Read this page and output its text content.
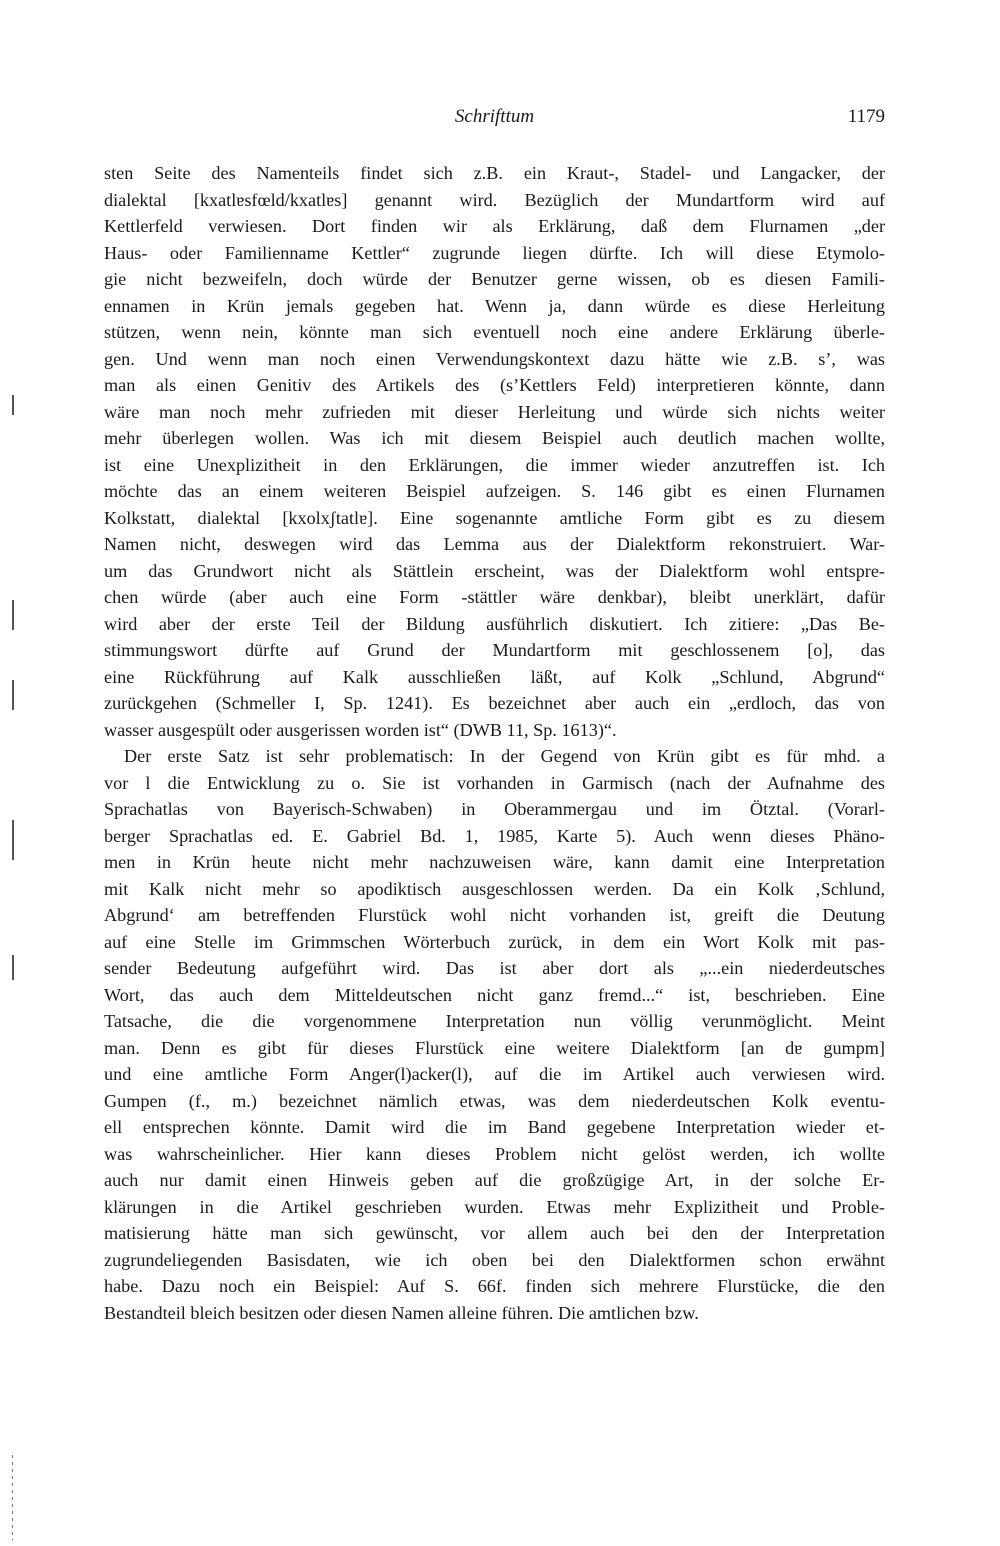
Schrifttum	1179
sten Seite des Namenteils findet sich z.B. ein Kraut-, Stadel- und Langacker, der
dialektal [kxatlɐsfœld/kxatlɐs] genannt wird. Bezüglich der Mundartform wird auf
Kettlerfeld verwiesen. Dort finden wir als Erklärung, daß dem Flurnamen „der
Haus- oder Familienname Kettler“ zugrunde liegen dürfte. Ich will diese Etymolo-
gie nicht bezweifeln, doch würde der Benutzer gerne wissen, ob es diesen Famili-
ennamen in Krün jemals gegeben hat. Wenn ja, dann würde es diese Herleitung
stützen, wenn nein, könnte man sich eventuell noch eine andere Erklärung überle-
gen. Und wenn man noch einen Verwendungskontext dazu hätte wie z.B. s’, was
man als einen Genitiv des Artikels des (s’Kettlers Feld) interpretieren könnte, dann
wäre man noch mehr zufrieden mit dieser Herleitung und würde sich nichts weiter
mehr überlegen wollen. Was ich mit diesem Beispiel auch deutlich machen wollte,
ist eine Unexplizitheit in den Erklärungen, die immer wieder anzutreffen ist. Ich
möchte das an einem weiteren Beispiel aufzeigen. S. 146 gibt es einen Flurnamen
Kolkstatt, dialektal [kxolxʃtatlɐ]. Eine sogenannte amtliche Form gibt es zu diesem
Namen nicht, deswegen wird das Lemma aus der Dialektform rekonstruiert. War-
um das Grundwort nicht als Stättlein erscheint, was der Dialektform wohl entspre-
chen würde (aber auch eine Form -stättler wäre denkbar), bleibt unerklärt, dafür
wird aber der erste Teil der Bildung ausführlich diskutiert. Ich zitiere: „Das Be-
stimmungswort dürfte auf Grund der Mundartform mit geschlossenem [o], das
eine Rückführung auf Kalk ausschließen läßt, auf Kolk „Schlund, Abgrund“
zurückgehen (Schmeller I, Sp. 1241). Es bezeichnet aber auch ein „erdloch, das von
wasser ausgespült oder ausgerissen worden ist“ (DWB 11, Sp. 1613)“.
Der erste Satz ist sehr problematisch: In der Gegend von Krün gibt es für mhd. a
vor l die Entwicklung zu o. Sie ist vorhanden in Garmisch (nach der Aufnahme des
Sprachatlas von Bayerisch-Schwaben) in Oberammergau und im Ötztal. (Vorarl-
berger Sprachatlas ed. E. Gabriel Bd. 1, 1985, Karte 5). Auch wenn dieses Phäno-
men in Krün heute nicht mehr nachzuweisen wäre, kann damit eine Interpretation
mit Kalk nicht mehr so apodiktisch ausgeschlossen werden. Da ein Kolk ‚Schlund,
Abgrund‘ am betreffenden Flurstück wohl nicht vorhanden ist, greift die Deutung
auf eine Stelle im Grimmschen Wörterbuch zurück, in dem ein Wort Kolk mit pas-
sender Bedeutung aufgeführt wird. Das ist aber dort als „...ein niederdeutsches
Wort, das auch dem Mitteldeutschen nicht ganz fremd...“ ist, beschrieben. Eine
Tatsache, die die vorgenommene Interpretation nun völlig verunmöglicht. Meint
man. Denn es gibt für dieses Flurstück eine weitere Dialektform [an dɐ gumpm]
und eine amtliche Form Anger(l)acker(l), auf die im Artikel auch verwiesen wird.
Gumpen (f., m.) bezeichnet nämlich etwas, was dem niederdeutschen Kolk eventu-
ell entsprechen könnte. Damit wird die im Band gegebene Interpretation wieder et-
was wahrscheinlicher. Hier kann dieses Problem nicht gelöst werden, ich wollte
auch nur damit einen Hinweis geben auf die großzügige Art, in der solche Er-
klärungen in die Artikel geschrieben wurden. Etwas mehr Explizitheit und Proble-
matisierung hätte man sich gewünscht, vor allem auch bei den der Interpretation
zugrundeliegenden Basisdaten, wie ich oben bei den Dialektformen schon erwähnt
habe. Dazu noch ein Beispiel: Auf S. 66f. finden sich mehrere Flurstücke, die den
Bestandteil bleich besitzen oder diesen Namen alleine führen. Die amtlichen bzw.
